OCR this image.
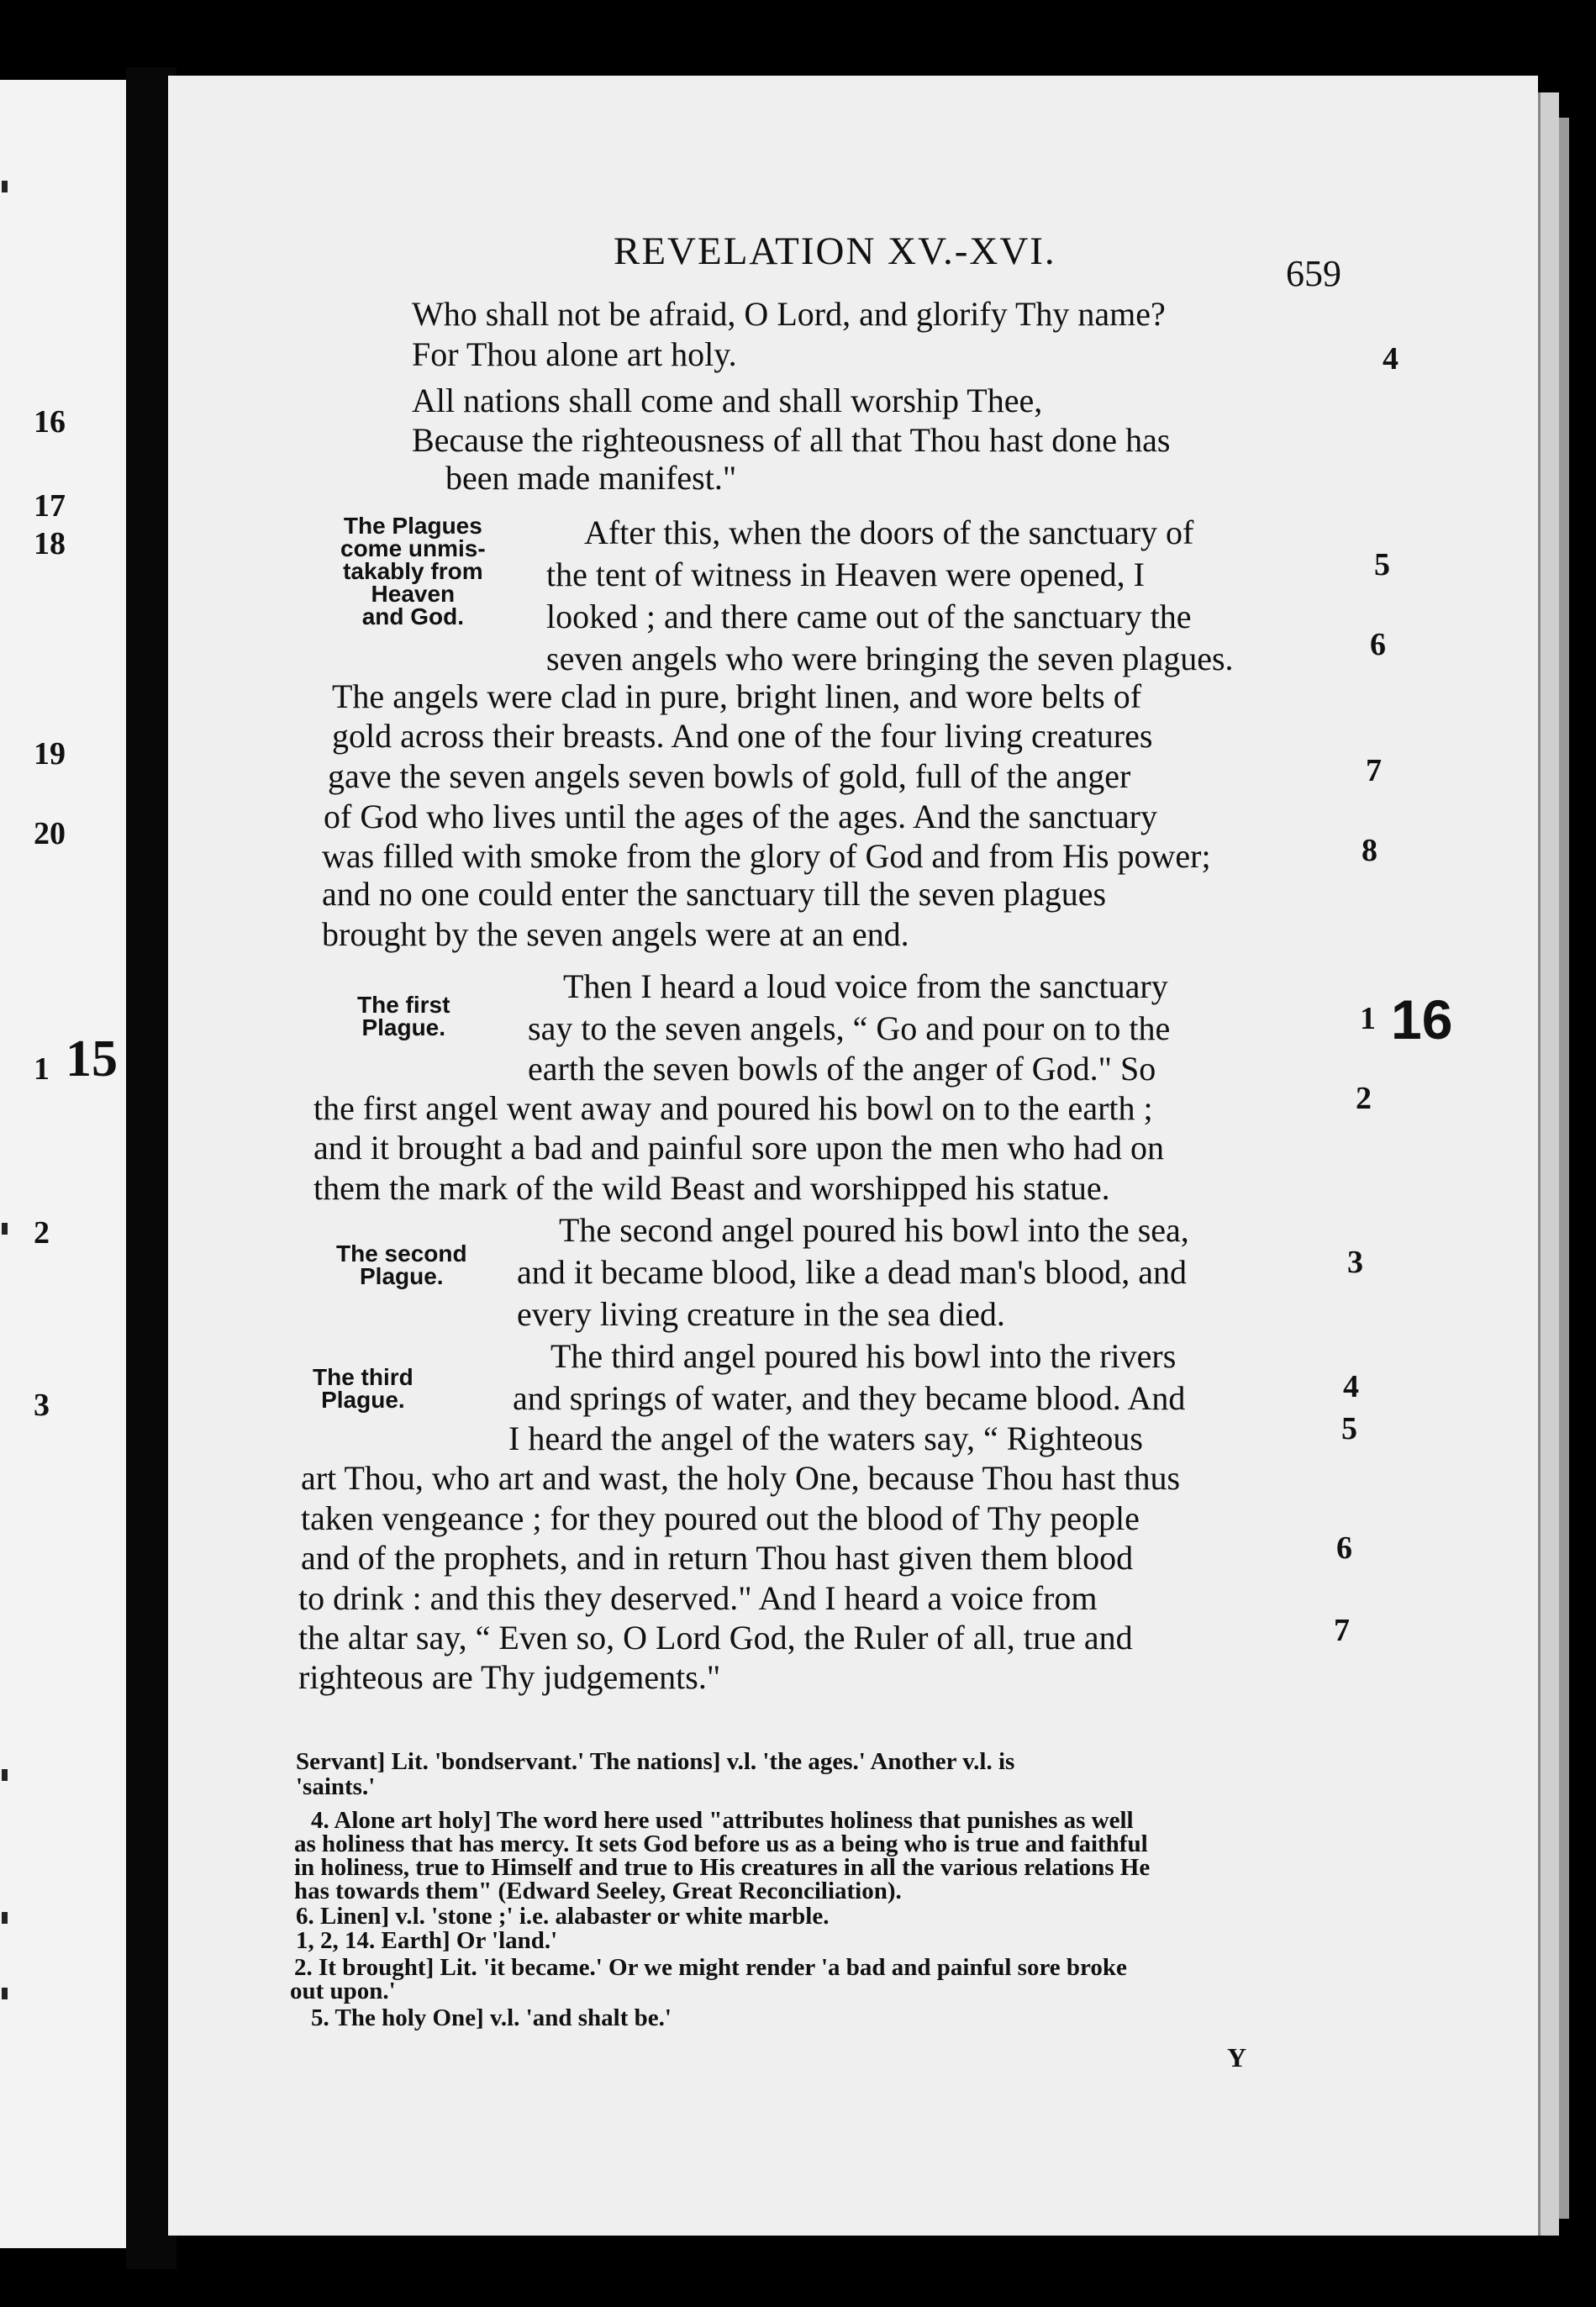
16
17
18
19
20
1 15
2
3
REVELATION XV.-XVI.
659
Who shall not be afraid, O Lord, and glorify Thy name?
For Thou alone art holy.
All nations shall come and shall worship Thee,
Because the righteousness of all that Thou hast done has
been made manifest."
After this, when the doors of the sanctuary of
the tent of witness in Heaven were opened, I
looked ; and there came out of the sanctuary the
seven angels who were bringing the seven plagues.
The angels were clad in pure, bright linen, and wore belts of
gold across their breasts. And one of the four living creatures
gave the seven angels seven bowls of gold, full of the anger
of God who lives until the ages of the ages. And the sanctuary
was filled with smoke from the glory of God and from His power;
and no one could enter the sanctuary till the seven plagues
brought by the seven angels were at an end.
Then I heard a loud voice from the sanctuary
say to the seven angels, “ Go and pour on to the
earth the seven bowls of the anger of God." So
the first angel went away and poured his bowl on to the earth ;
and it brought a bad and painful sore upon the men who had on
them the mark of the wild Beast and worshipped his statue.
The second angel poured his bowl into the sea,
and it became blood, like a dead man's blood, and
every living creature in the sea died.
The third angel poured his bowl into the rivers
and springs of water, and they became blood. And
I heard the angel of the waters say, “ Righteous
art Thou, who art and wast, the holy One, because Thou hast thus
taken vengeance ; for they poured out the blood of Thy people
and of the prophets, and in return Thou hast given them blood
to drink : and this they deserved." And I heard a voice from
the altar say, “ Even so, O Lord God, the Ruler of all, true and
righteous are Thy judgements."
The Plagues
come unmis-
takably from
Heaven
and God.
The first
Plague.
The second
Plague.
The third
Plague.
4
5
6
7
8
1 16
2
3
4
5
6
7
Servant] Lit. 'bondservant.' The nations] v.l. 'the ages.' Another v.l. is
'saints.'
4. Alone art holy] The word here used "attributes holiness that punishes as well
as holiness that has mercy. It sets God before us as a being who is true and faithful
in holiness, true to Himself and true to His creatures in all the various relations He
has towards them" (Edward Seeley, Great Reconciliation).
6. Linen] v.l. 'stone ;' i.e. alabaster or white marble.
1, 2, 14. Earth] Or 'land.'
2. It brought] Lit. 'it became.' Or we might render 'a bad and painful sore broke
out upon.'
5. The holy One] v.l. 'and shalt be.'
Y
